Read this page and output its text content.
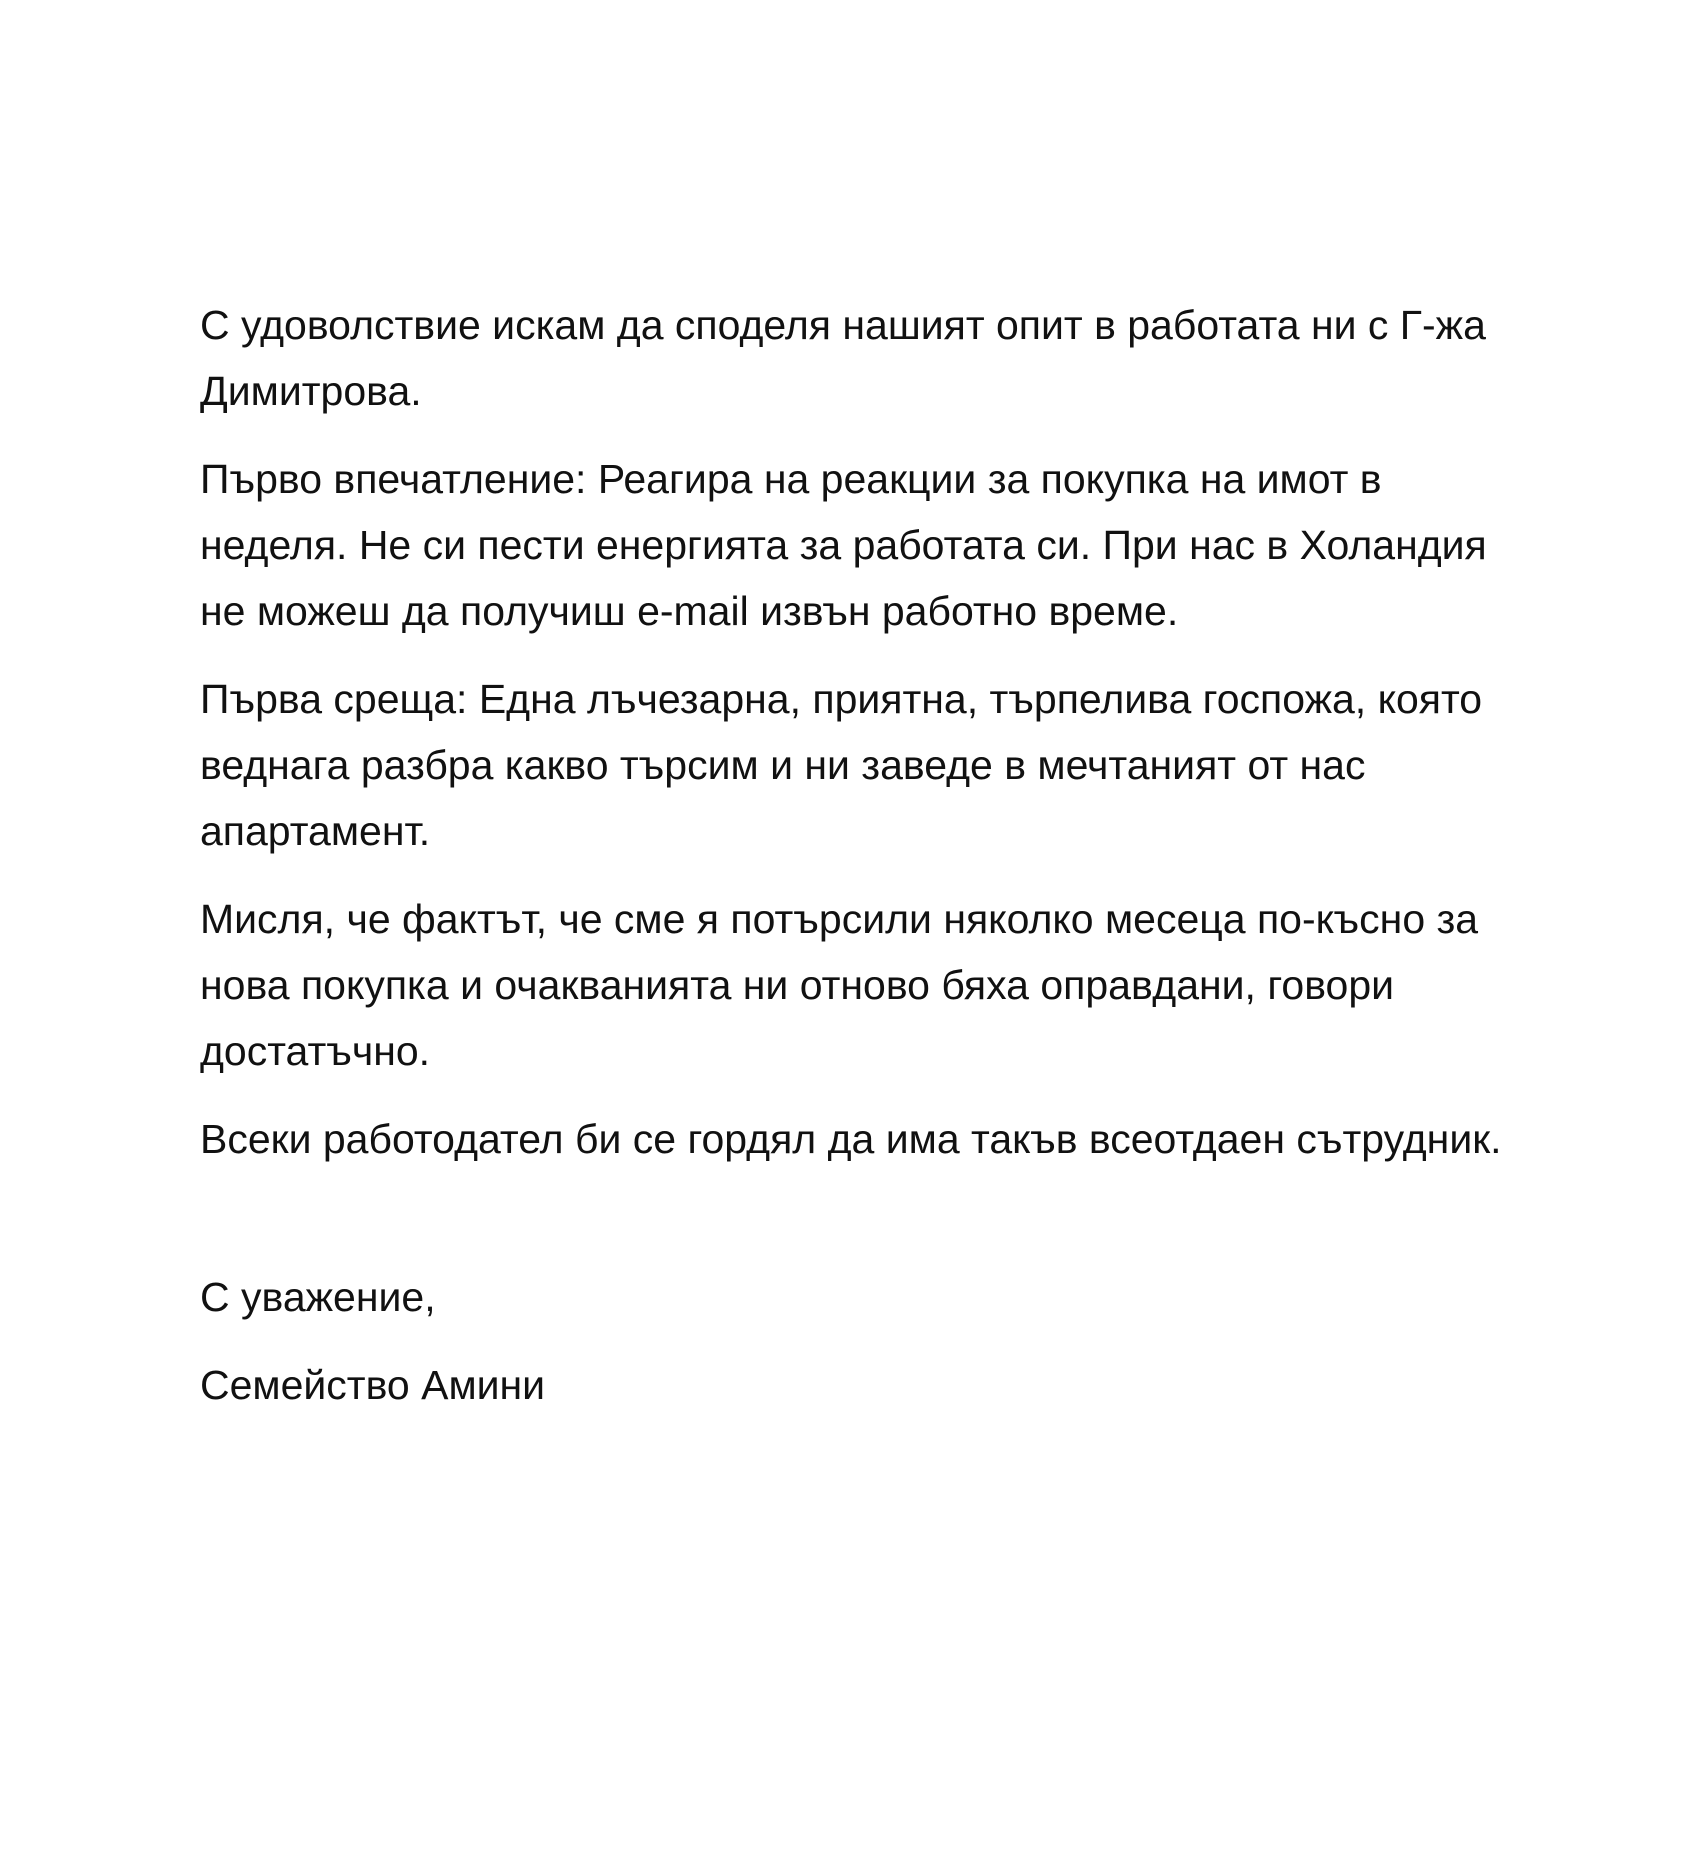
С удоволствие искам да споделя нашият опит в работата ни с Г-жа Димитрова.

Първо впечатление: Реагира на реакции за покупка на имот в неделя. Не си пести енергията за работата си. При нас в Холандия не можеш да получиш e-mail извън работно време.

Първа среща: Една лъчезарна, приятна, търпелива госпожа, която веднага разбра какво търсим и ни заведе в мечтаният от нас апартамент.

Мисля, че фактът, че сме я потърсили няколко месеца по-късно за нова покупка и очакванията ни отново бяха оправдани, говори достатъчно.

Всеки работодател би се гордял да има такъв всеотдаен сътрудник.

С уважение,

Семейство Амини
